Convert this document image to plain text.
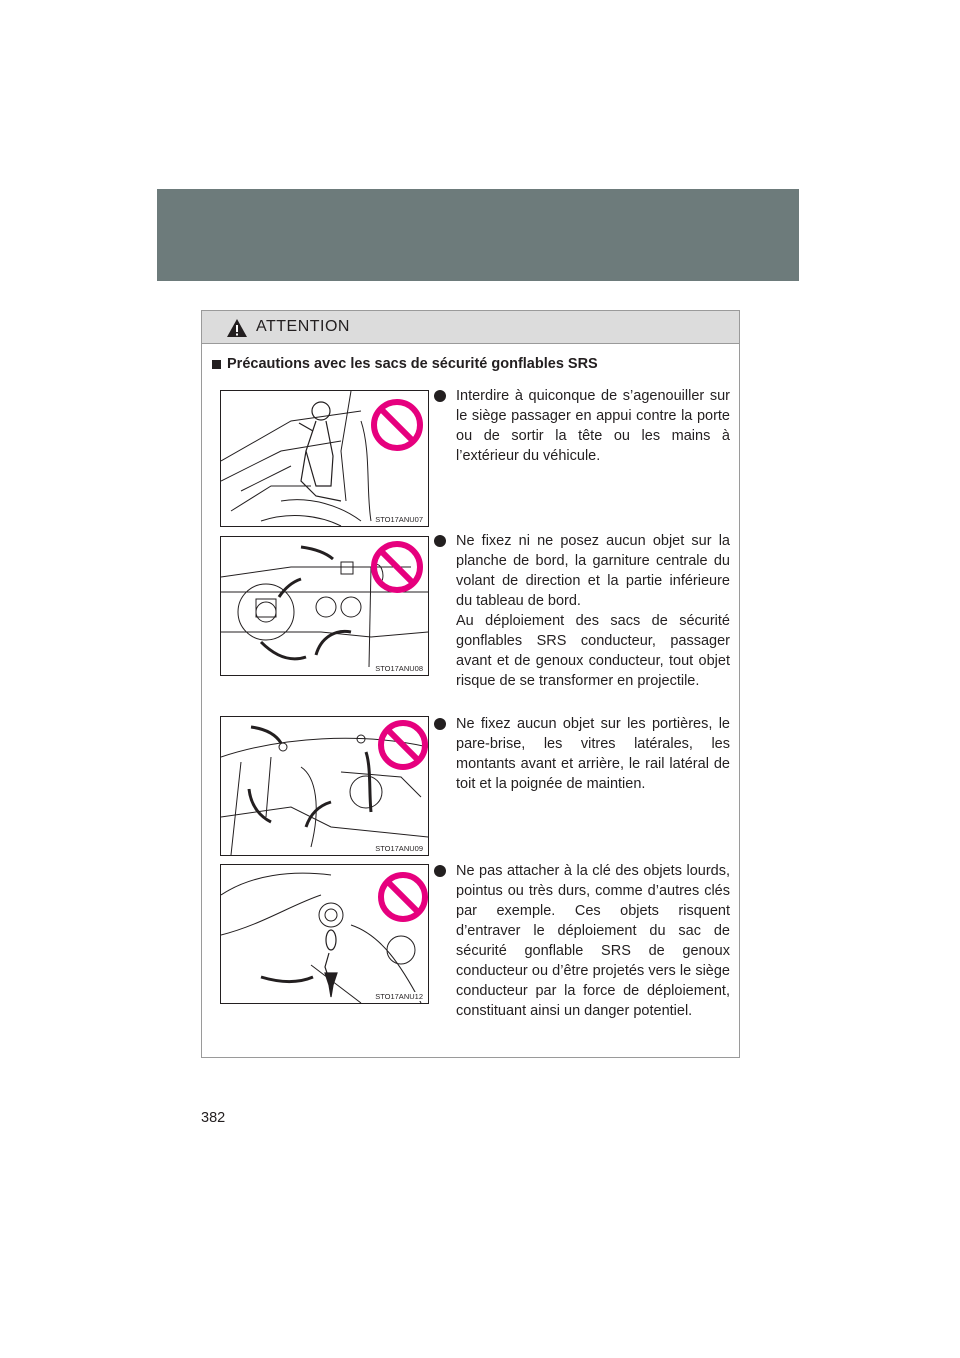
ATTENTION
Précautions avec les sacs de sécurité gonflables SRS
STO17ANU07

Interdire à quiconque de s’agenouiller sur le siège passager en appui contre la porte ou de sortir la tête ou les mains à l’extérieur du véhicule.

STO17ANU08

Ne fixez ni ne posez aucun objet sur la planche de bord, la garniture centrale du volant de direction et la partie inférieure du tableau de bord.

Au déploiement des sacs de sécurité gonflables SRS conducteur, passager avant et de genoux conducteur, tout objet risque de se transformer en projectile.

STO17ANU09

Ne fixez aucun objet sur les portières, le pare-brise, les vitres latérales, les montants avant et arrière, le rail latéral de toit et la poignée de maintien.

STO17ANU12

Ne pas attacher à la clé des objets lourds, pointus ou très durs, comme d’autres clés par exemple. Ces objets risquent d’entraver le déploiement du sac de sécurité gonflable SRS de genoux conducteur ou d’être projetés vers le siège conducteur par la force de déploiement, constituant ainsi un danger potentiel.

382
